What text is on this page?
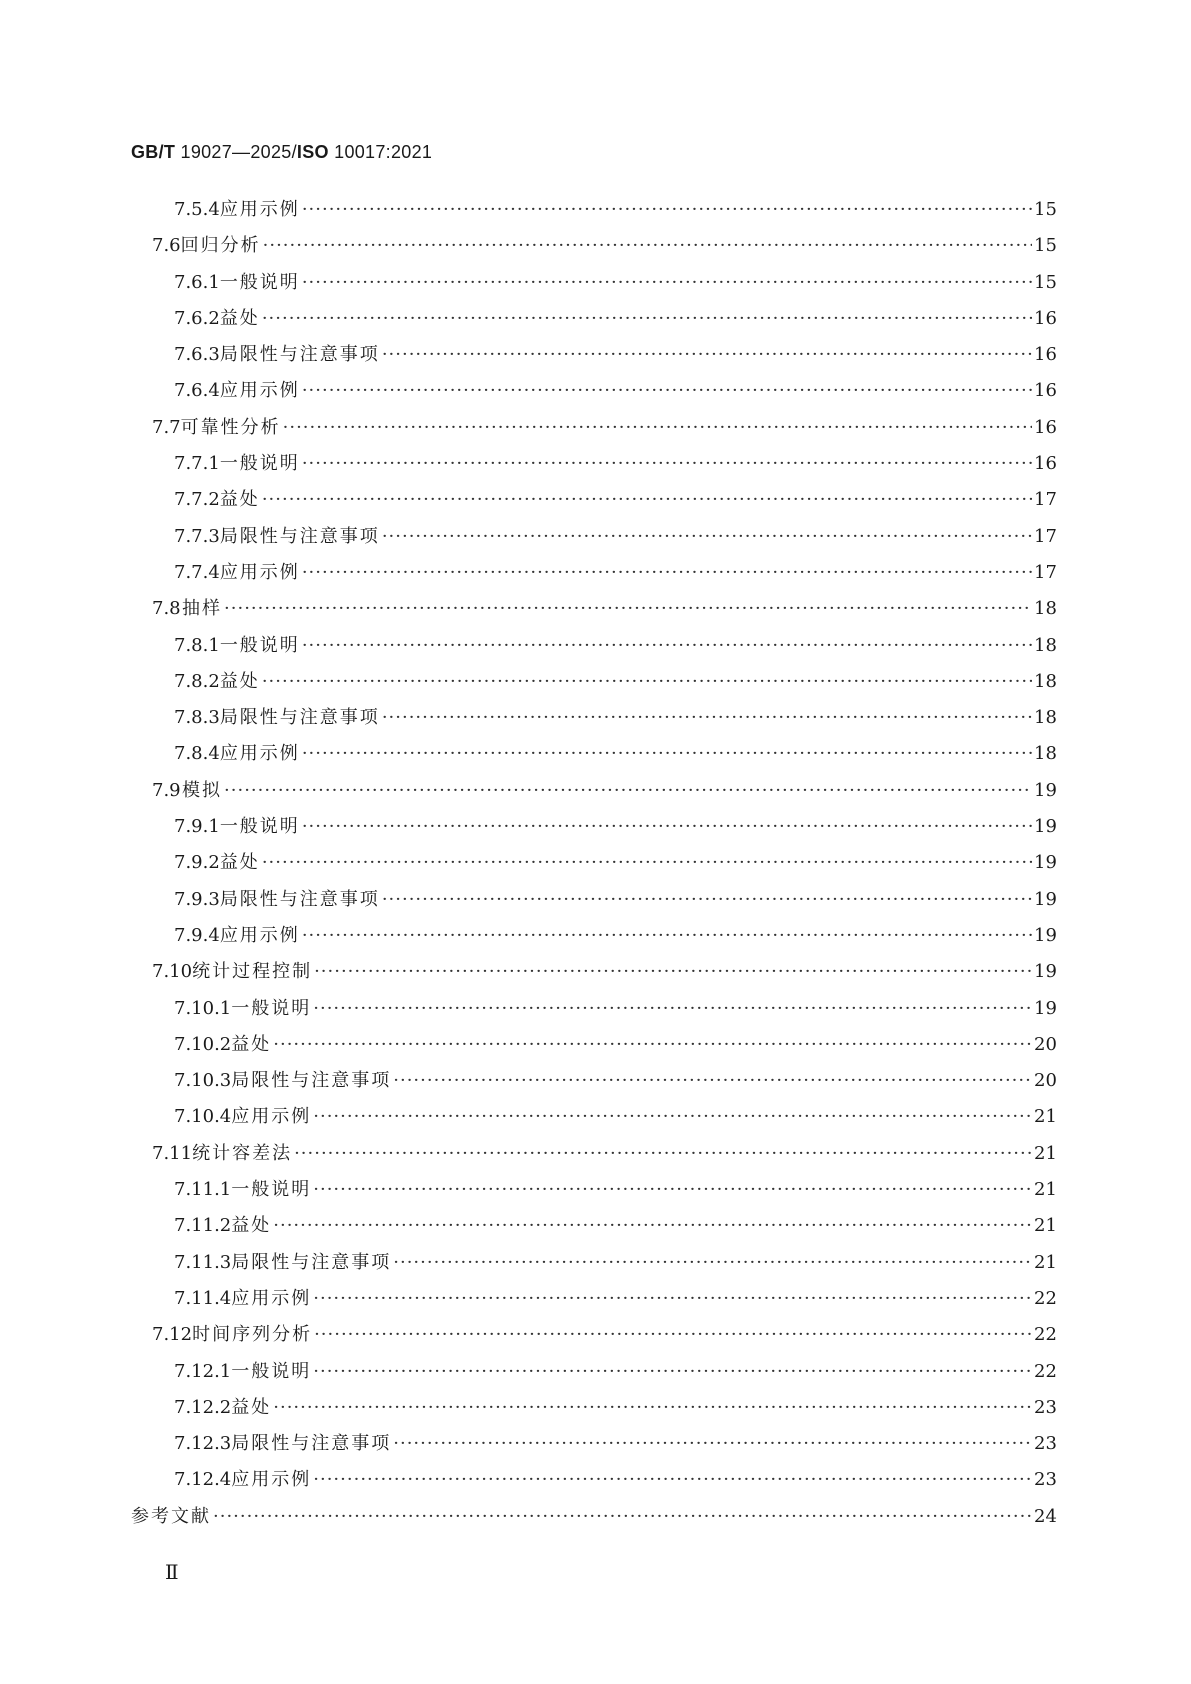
GB/T 19027—2025/ISO 10017:2021
7.5.4 应用示例 ·····	15
7.6 回归分析 ·····	15
7.6.1 一般说明 ·····	15
7.6.2 益处 ·····	16
7.6.3 局限性与注意事项 ·····	16
7.6.4 应用示例 ·····	16
7.7 可靠性分析 ·····	16
7.7.1 一般说明 ·····	16
7.7.2 益处 ·····	17
7.7.3 局限性与注意事项 ·····	17
7.7.4 应用示例 ·····	17
7.8 抽样 ·····	18
7.8.1 一般说明 ·····	18
7.8.2 益处 ·····	18
7.8.3 局限性与注意事项 ·····	18
7.8.4 应用示例 ·····	18
7.9 模拟 ·····	19
7.9.1 一般说明 ·····	19
7.9.2 益处 ·····	19
7.9.3 局限性与注意事项 ·····	19
7.9.4 应用示例 ·····	19
7.10 统计过程控制 ·····	19
7.10.1 一般说明 ·····	19
7.10.2 益处 ·····	20
7.10.3 局限性与注意事项 ·····	20
7.10.4 应用示例 ·····	21
7.11 统计容差法 ·····	21
7.11.1 一般说明 ·····	21
7.11.2 益处 ·····	21
7.11.3 局限性与注意事项 ·····	21
7.11.4 应用示例 ·····	22
7.12 时间序列分析 ·····	22
7.12.1 一般说明 ·····	22
7.12.2 益处 ·····	23
7.12.3 局限性与注意事项 ·····	23
7.12.4 应用示例 ·····	23
参考文献 ·····	24
Ⅱ
